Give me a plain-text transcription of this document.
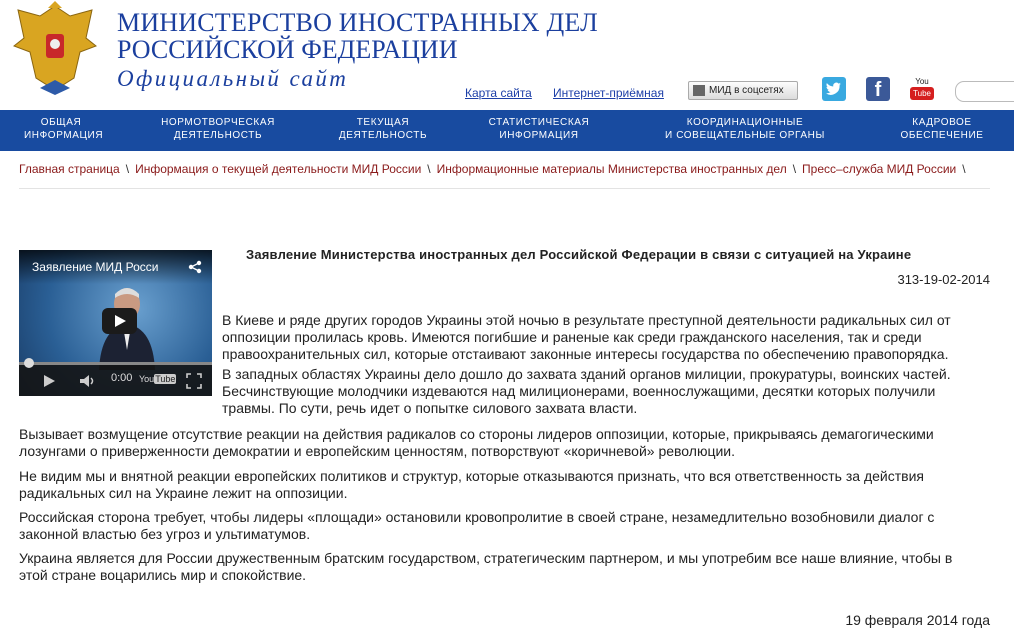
МИНИСТЕРСТВО ИНОСТРАННЫХ ДЕЛ
РОССИЙСКОЙ ФЕДЕРАЦИИ
Официальный сайт
Карта сайта Интернет-приёмная	МИД в соцсетях	f	You
Tube
ОБЩАЯ
ИНФОРМАЦИЯ
НОРМОТВОРЧЕСКАЯ
ДЕЯТЕЛЬНОСТЬ
ТЕКУЩАЯ
ДЕЯТЕЛЬНОСТЬ
СТАТИСТИЧЕСКАЯ
ИНФОРМАЦИЯ
КООРДИНАЦИОННЫЕ
И СОВЕЩАТЕЛЬНЫЕ ОРГАНЫ
КАДРОВОЕ
ОБЕСПЕЧЕНИЕ
Главная страница \ Информация о текущей деятельности МИД России \ Информационные материалы Министерства иностранных дел \ Пресс–служба МИД России \
Заявление МИД Росси
0:00 YouTube
Заявление Министерства иностранных дел Российской Федерации в связи с ситуацией на Украине
313-19-02-2014
В Киеве и ряде других городов Украины этой ночью в результате преступной деятельности радикальных сил от
оппозиции пролилась кровь. Имеются погибшие и раненые как среди гражданского населения, так и среди
правоохранительных сил, которые отстаивают законные интересы государства по обеспечению правопорядка.
В западных областях Украины дело дошло до захвата зданий органов милиции, прокуратуры, воинских частей.
Бесчинствующие молодчики издеваются над милиционерами, военнослужащими, десятки которых получили
травмы. По сути, речь идет о попытке силового захвата власти.
Вызывает возмущение отсутствие реакции на действия радикалов со стороны лидеров оппозиции, которые, прикрываясь демагогическими
лозунгами о приверженности демократии и европейским ценностям, потворствуют «коричневой» революции.
Не видим мы и внятной реакции европейских политиков и структур, которые отказываются признать, что вся ответственность за действия
радикальных сил на Украине лежит на оппозиции.
Российская сторона требует, чтобы лидеры «площади» остановили кровопролитие в своей стране, незамедлительно возобновили диалог с
законной властью без угроз и ультиматумов.
Украина является для России дружественным братским государством, стратегическим партнером, и мы употребим все наше влияние, чтобы в
этой стране воцарились мир и спокойствие.
19 февраля 2014 года
